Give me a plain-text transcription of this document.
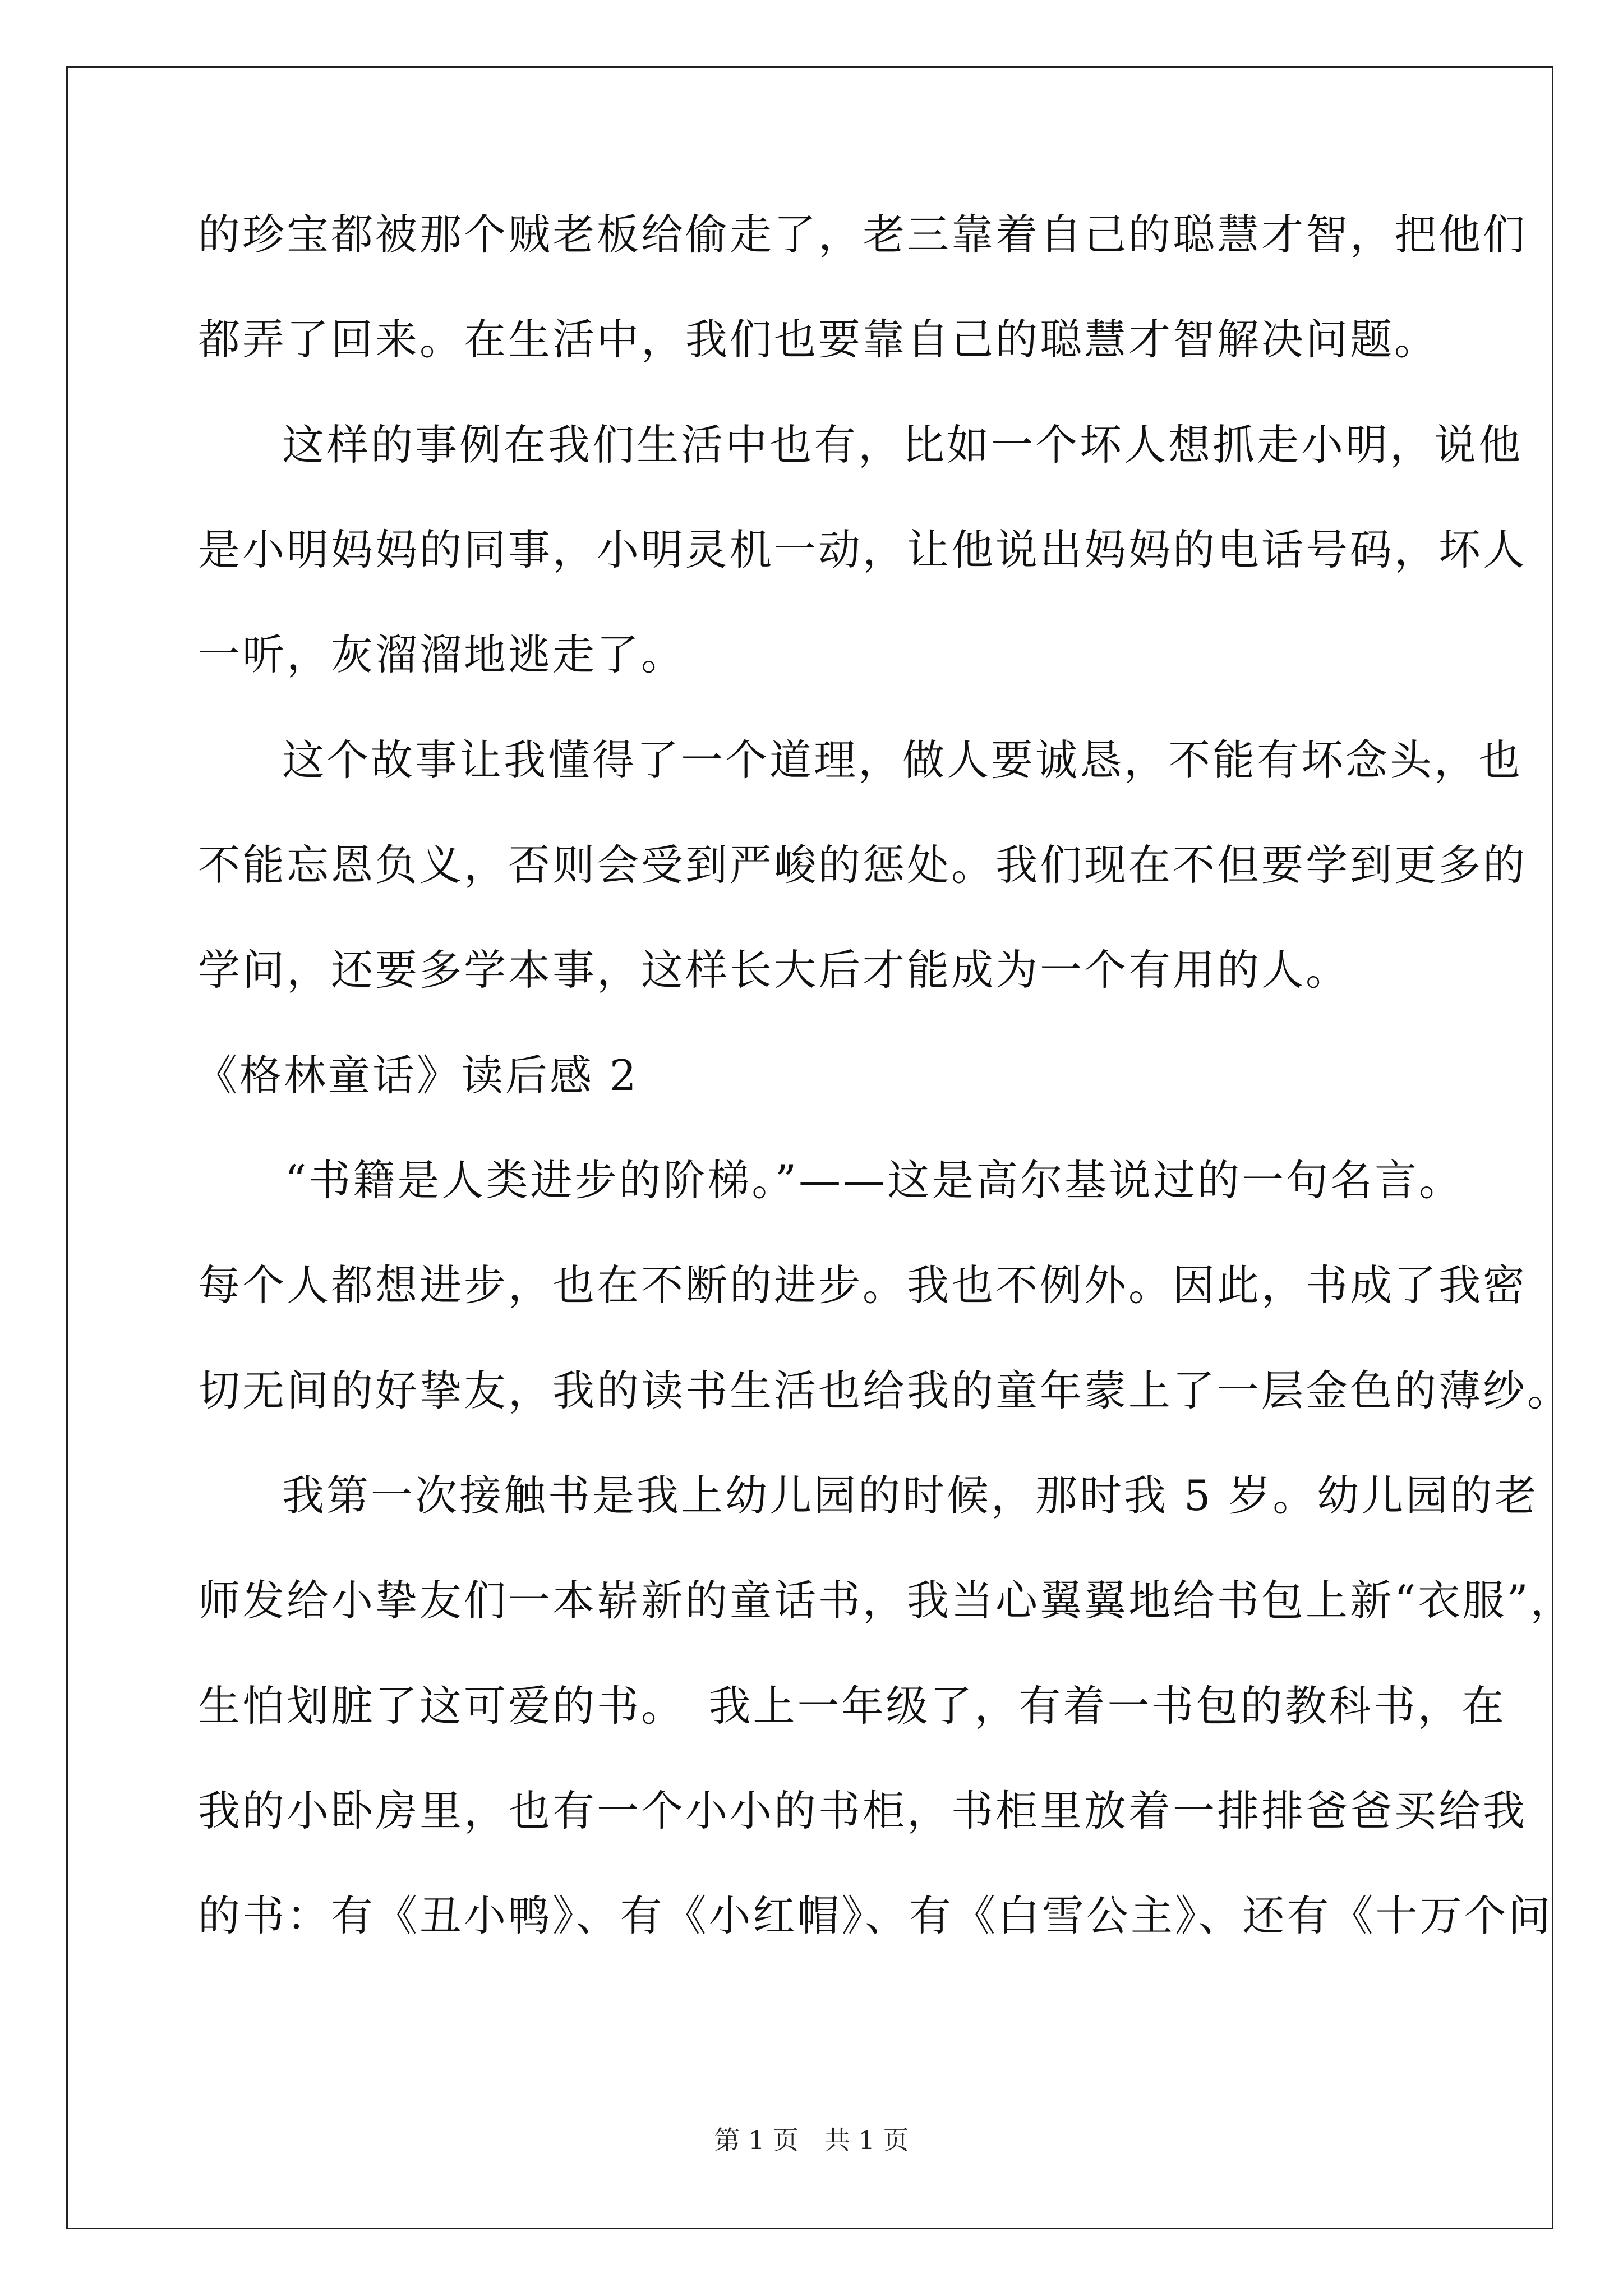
的珍宝都被那个贼老板给偷走了，老三靠着自己的聪慧才智，把他们
都弄了回来。在生活中，我们也要靠自己的聪慧才智解决问题。
这样的事例在我们生活中也有，比如一个坏人想抓走小明，说他
是小明妈妈的同事，小明灵机一动，让他说出妈妈的电话号码，坏人
一听，灰溜溜地逃走了。
这个故事让我懂得了一个道理，做人要诚恳，不能有坏念头，也
不能忘恩负义，否则会受到严峻的惩处。我们现在不但要学到更多的
学问，还要多学本事，这样长大后才能成为一个有用的人。
《格林童话》读后感 2
“书籍是人类进步的阶梯。”——这是高尔基说过的一句名言。
每个人都想进步，也在不断的进步。我也不例外。因此，书成了我密
切无间的好挚友，我的读书生活也给我的童年蒙上了一层金色的薄纱。
我第一次接触书是我上幼儿园的时候，那时我 5 岁。幼儿园的老
师发给小挚友们一本崭新的童话书，我当心翼翼地给书包上新“衣服”，
生怕划脏了这可爱的书。　我上一年级了，有着一书包的教科书，在
我的小卧房里，也有一个小小的书柜，书柜里放着一排排爸爸买给我
的书：有《丑小鸭》、有《小红帽》、有《白雪公主》、还有《十万个问
第 1 页　共 1 页
